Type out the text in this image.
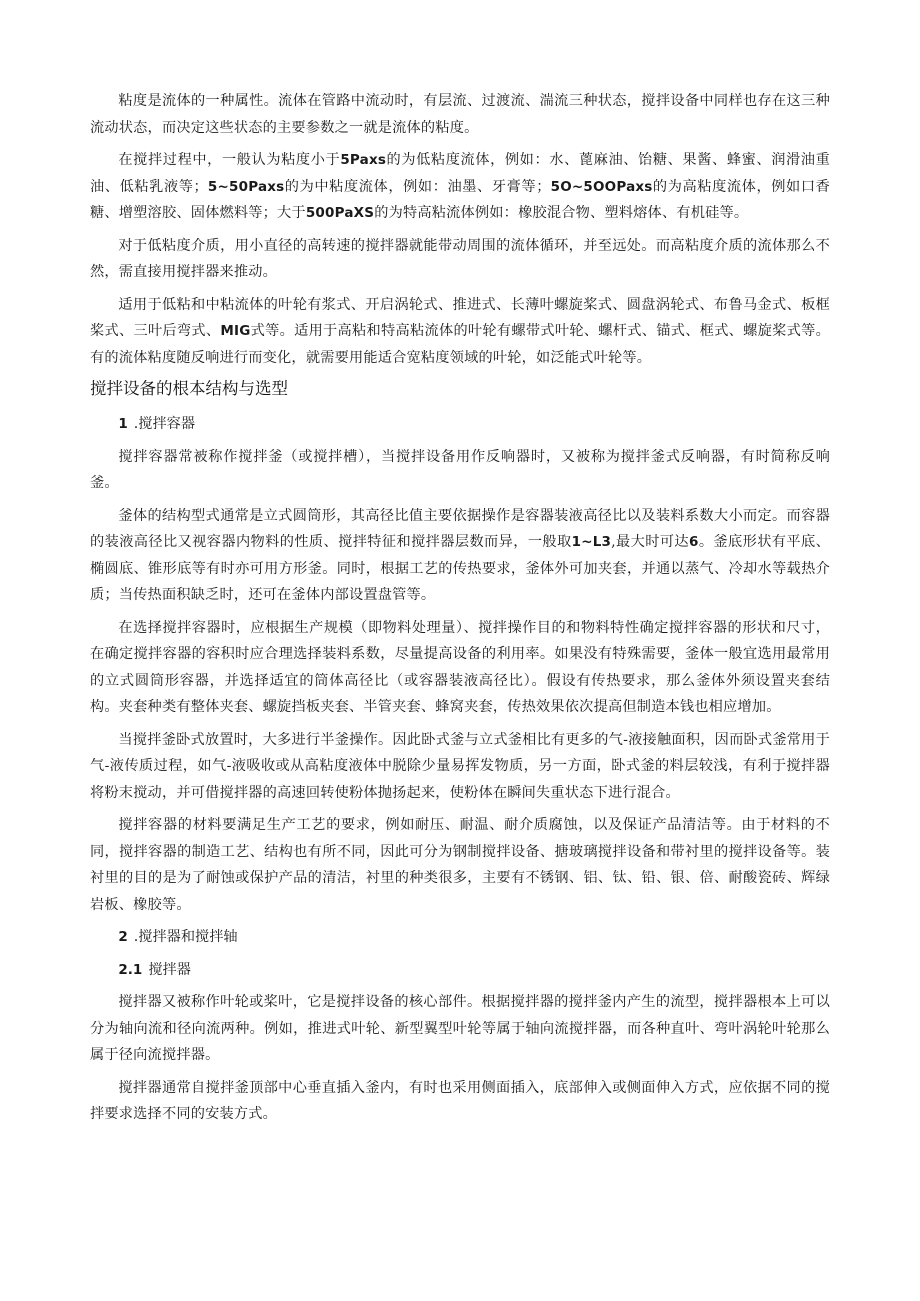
粘度是流体的一种属性。流体在管路中流动时，有层流、过渡流、湍流三种状态，搅拌设备中同样也存在这三种流动状态，而决定这些状态的主要参数之一就是流体的粘度。

在搅拌过程中，一般认为粘度小于5Paxs的为低粘度流体，例如：水、蓖麻油、饴糖、果酱、蜂蜜、润滑油重油、低粘乳液等；5~50Paxs的为中粘度流体，例如：油墨、牙膏等；5O~5OOPaxs的为高粘度流体，例如口香糖、增塑溶胶、固体燃料等；大于500PaXS的为特高粘流体例如：橡胶混合物、塑料熔体、有机硅等。

对于低粘度介质，用小直径的高转速的搅拌器就能带动周围的流体循环，并至远处。而高粘度介质的流体那么不然，需直接用搅拌器来推动。

适用于低粘和中粘流体的叶轮有浆式、开启涡轮式、推进式、长薄叶螺旋桨式、圆盘涡轮式、布鲁马金式、板框桨式、三叶后弯式、MIG式等。适用于高粘和特高粘流体的叶轮有螺带式叶轮、螺杆式、锚式、框式、螺旋桨式等。有的流体粘度随反响进行而变化，就需要用能适合宽粘度领域的叶轮，如泛能式叶轮等。

搅拌设备的根本结构与选型

1 .搅拌容器

搅拌容器常被称作搅拌釜（或搅拌槽），当搅拌设备用作反响器时，又被称为搅拌釜式反响器，有时简称反响釜。

釜体的结构型式通常是立式圆筒形，其高径比值主要依据操作是容器装液高径比以及装料系数大小而定。而容器的装液高径比又视容器内物料的性质、搅拌特征和搅拌器层数而异，一般取1~L3,最大时可达6。釜底形状有平底、椭圆底、锥形底等有时亦可用方形釜。同时，根据工艺的传热要求，釜体外可加夹套，并通以蒸气、冷却水等载热介质；当传热面积缺乏时，还可在釜体内部设置盘管等。

在选择搅拌容器时，应根据生产规模（即物料处理量）、搅拌操作目的和物料特性确定搅拌容器的形状和尺寸，在确定搅拌容器的容积时应合理选择装料系数，尽量提高设备的利用率。如果没有特殊需要，釜体一般宜选用最常用的立式圆筒形容器，并选择适宜的筒体高径比（或容器装液高径比）。假设有传热要求，那么釜体外须设置夹套结构。夹套种类有整体夹套、螺旋挡板夹套、半管夹套、蜂窝夹套，传热效果依次提高但制造本钱也相应增加。

当搅拌釜卧式放置时，大多进行半釜操作。因此卧式釜与立式釜相比有更多的气-液接触面积，因而卧式釜常用于气-液传质过程，如气-液吸收或从高粘度液体中脱除少量易挥发物质，另一方面，卧式釜的料层较浅，有利于搅拌器将粉末搅动，并可借搅拌器的高速回转使粉体抛扬起来，使粉体在瞬间失重状态下进行混合。

搅拌容器的材料要满足生产工艺的要求，例如耐压、耐温、耐介质腐蚀，以及保证产品清洁等。由于材料的不同，搅拌容器的制造工艺、结构也有所不同，因此可分为钢制搅拌设备、搪玻璃搅拌设备和带衬里的搅拌设备等。装衬里的目的是为了耐蚀或保护产品的清洁，衬里的种类很多，主要有不锈钢、铝、钛、铅、银、倍、耐酸瓷砖、辉绿岩板、橡胶等。

2 .搅拌器和搅拌轴

2.1 搅拌器

搅拌器又被称作叶轮或桨叶，它是搅拌设备的核心部件。根据搅拌器的搅拌釜内产生的流型，搅拌器根本上可以分为轴向流和径向流两种。例如，推进式叶轮、新型翼型叶轮等属于轴向流搅拌器，而各种直叶、弯叶涡轮叶轮那么属于径向流搅拌器。

搅拌器通常自搅拌釜顶部中心垂直插入釜内，有时也采用侧面插入，底部伸入或侧面伸入方式，应依据不同的搅拌要求选择不同的安装方式。
